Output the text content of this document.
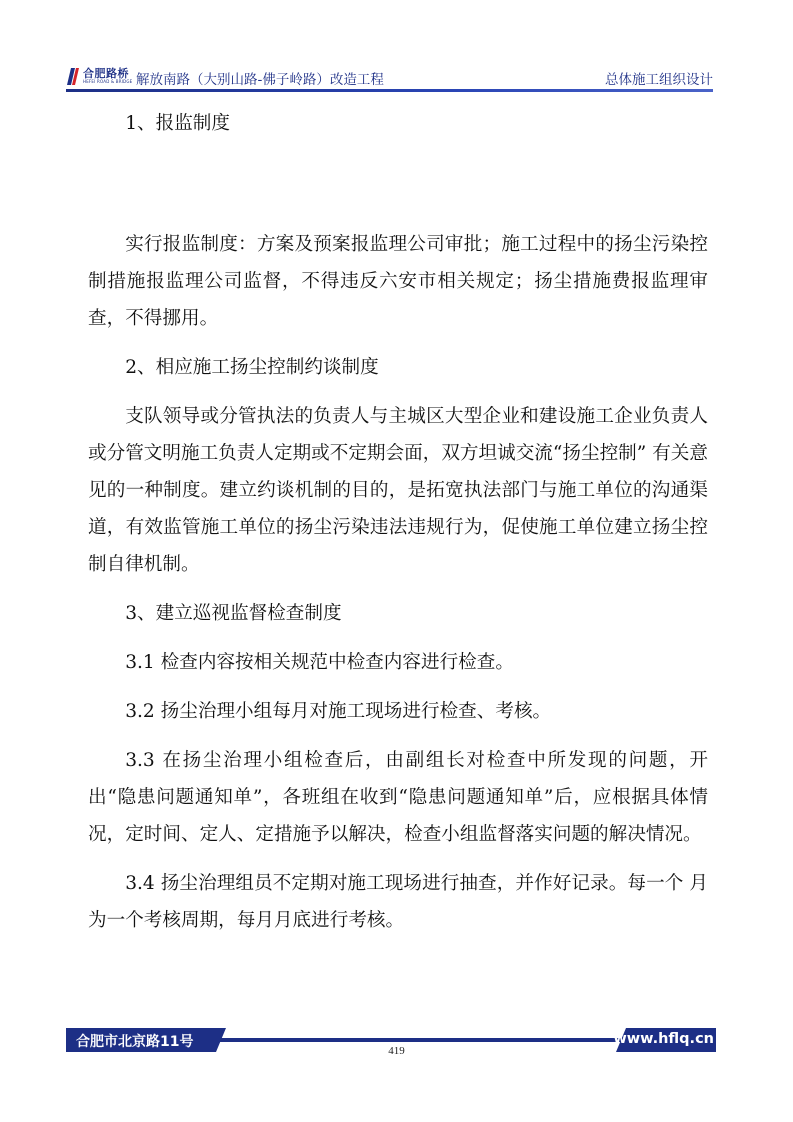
合肥路桥
HEFEI ROAD & BRIDGE 解放南路（大别山路-佛子岭路）改造工程	总体施工组织设计

1、报监制度

实行报监制度：方案及预案报监理公司审批；施工过程中的扬尘污染控制措施报监理公司监督，不得违反六安市相关规定；扬尘措施费报监理审查，不得挪用。

2、相应施工扬尘控制约谈制度

支队领导或分管执法的负责人与主城区大型企业和建设施工企业负责人或分管文明施工负责人定期或不定期会面，双方坦诚交流“扬尘控制” 有关意见的一种制度。建立约谈机制的目的，是拓宽执法部门与施工单位的沟通渠道，有效监管施工单位的扬尘污染违法违规行为，促使施工单位建立扬尘控制自律机制。

3、建立巡视监督检查制度

3.1 检查内容按相关规范中检查内容进行检查。

3.2 扬尘治理小组每月对施工现场进行检查、考核。

3.3 在扬尘治理小组检查后，由副组长对检查中所发现的问题，开出“隐患问题通知单”，各班组在收到“隐患问题通知单”后，应根据具体情况，定时间、定人、定措施予以解决，检查小组监督落实问题的解决情况。

3.4 扬尘治理组员不定期对施工现场进行抽查，并作好记录。每一个 月为一个考核周期，每月月底进行考核。

合肥市北京路11号	www.hflq.cn
419
